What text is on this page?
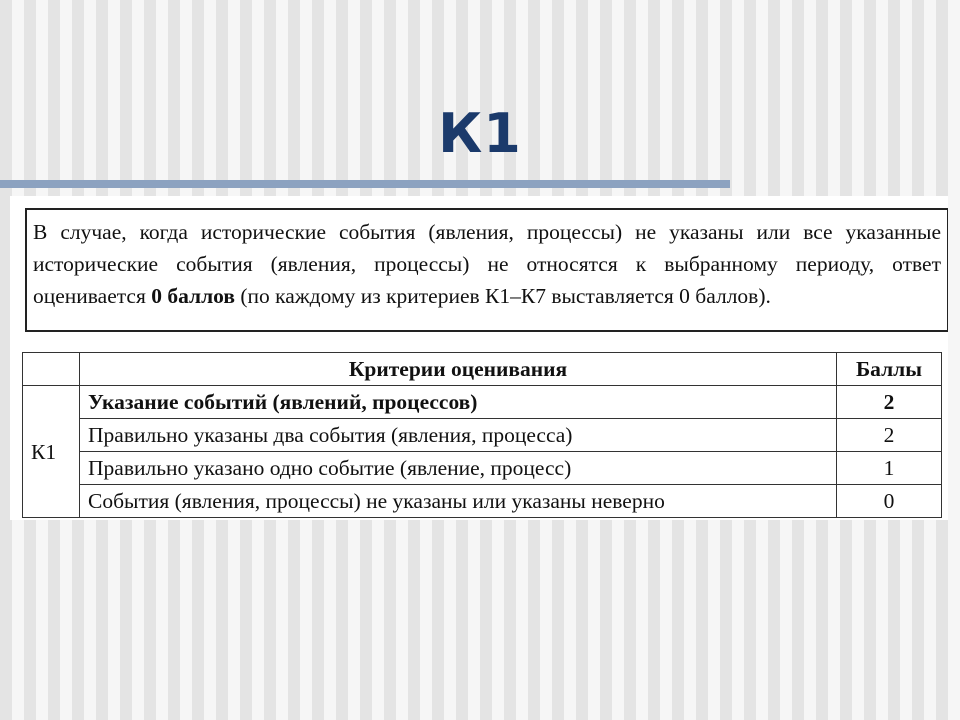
К1
В случае, когда исторические события (явления, процессы) не указаны или все указанные исторические события (явления, процессы) не относятся к выбранному периоду, ответ оценивается 0 баллов (по каждому из критериев К1–К7 выставляется 0 баллов).
	Критерии оценивания	Баллы
К1	Указание событий (явлений, процессов)	2
	Правильно указаны два события (явления, процесса)	2
	Правильно указано одно событие (явление, процесс)	1
	События (явления, процессы) не указаны или указаны неверно	0
